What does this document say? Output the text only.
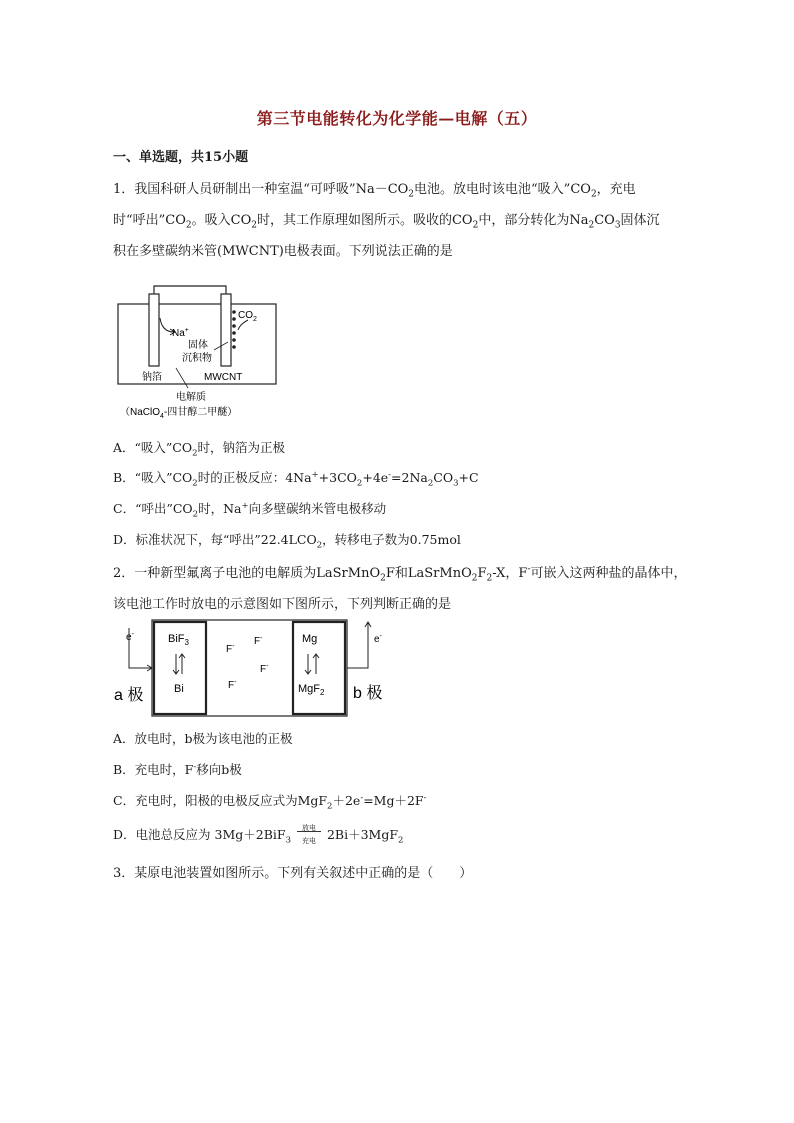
第三节电能转化为化学能—电解（五）
一、单选题，共15小题
1．我国科研人员研制出一种室温“可呼吸$”Na-CO_2$电池。放电时该电池“吸入$”CO_2$，充电
时“呼出$”CO_2$。吸入$CO_2$时，其工作原理如图所示。吸收的$CO_2$中，部分转化为$Na_2CO_3$固体沉
积在多壁碳纳米管(MWCNT)电极表面。下列说法正确的是
Na+
$CO_2$
固体
沉积物
钠箔	MWCNT
电解质
（NaClO$_4$-四甘醇二甲醚）
A．“吸入$”CO_2$时，钠箔为正极
B．“吸入$”CO_2$时的正极反应：$4Na^++3CO_2+4e^-=2Na_2CO_3+C$
C．“呼出$”CO_2$时，Na+向多壁碳纳米管电极移动
D．标准状况下，每“呼出$”22.4LCO_2$，转移电子数为0.75mol
2．一种新型氟离子电池的电解质为LaSrMnO$_2$F和$LaSrMnO_2F_2-X$，F-可嵌入这两种盐的晶体中，
该电池工作时放电的示意图如下图所示，下列判断正确的是
e-	BiF$_3$
Bi
F- F-
F-
F-
Mg
MgF$_2$
e-
a 极	b 极
A．放电时，b极为该电池的正极
B．充电时，F-移向b极
C．充电时，阳极的电极反应式为MgF$_2$＋2e-=Mg＋2F-
D．电池总反应为 3Mg＋2BiF$_3$
放电
充电 2Bi＋3MgF$_2$
3．某原电池装置如图所示。下列有关叙述中正确的是（　　）
